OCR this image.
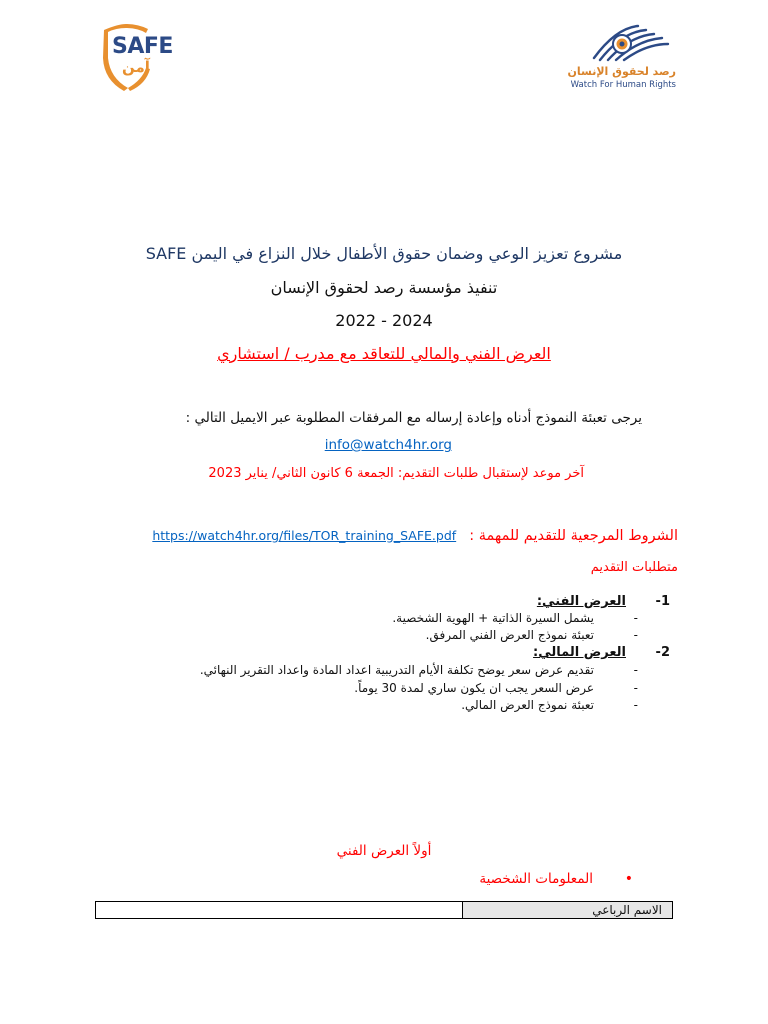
SAFE
آمن	رصد لحقوق الإنسان
Watch For Human Rights
مشروع تعزيز الوعي وضمان حقوق الأطفال خلال النزاع في اليمن SAFE
تنفيذ مؤسسة رصد لحقوق الإنسان
2022 - 2024
العرض الفني والمالي للتعاقد مع مدرب / استشاري
يرجى تعبئة النموذج أدناه وإعادة إرساله مع المرفقات المطلوبة عبر الايميل التالي :
info@watch4hr.org
آخر موعد لإستقبال طلبات التقديم: الجمعة 6 كانون الثاني/ يناير 2023
الشروط المرجعية للتقديم للمهمة : https://watch4hr.org/files/TOR_training_SAFE.pdf
متطلبات التقديم
1-العرض الفني:
-يشمل السيرة الذاتية + الهوية الشخصية.
-تعبئة نموذج العرض الفني المرفق.
2-العرض المالي:
-تقديم عرض سعر يوضح تكلفة الأيام التدريبية اعداد المادة واعداد التقرير النهائي.
-عرض السعر يجب ان يكون ساري لمدة 30 يوماً.
-تعبئة نموذج العرض المالي.
أولاً العرض الفني
•المعلومات الشخصية
الاسم الرباعي
